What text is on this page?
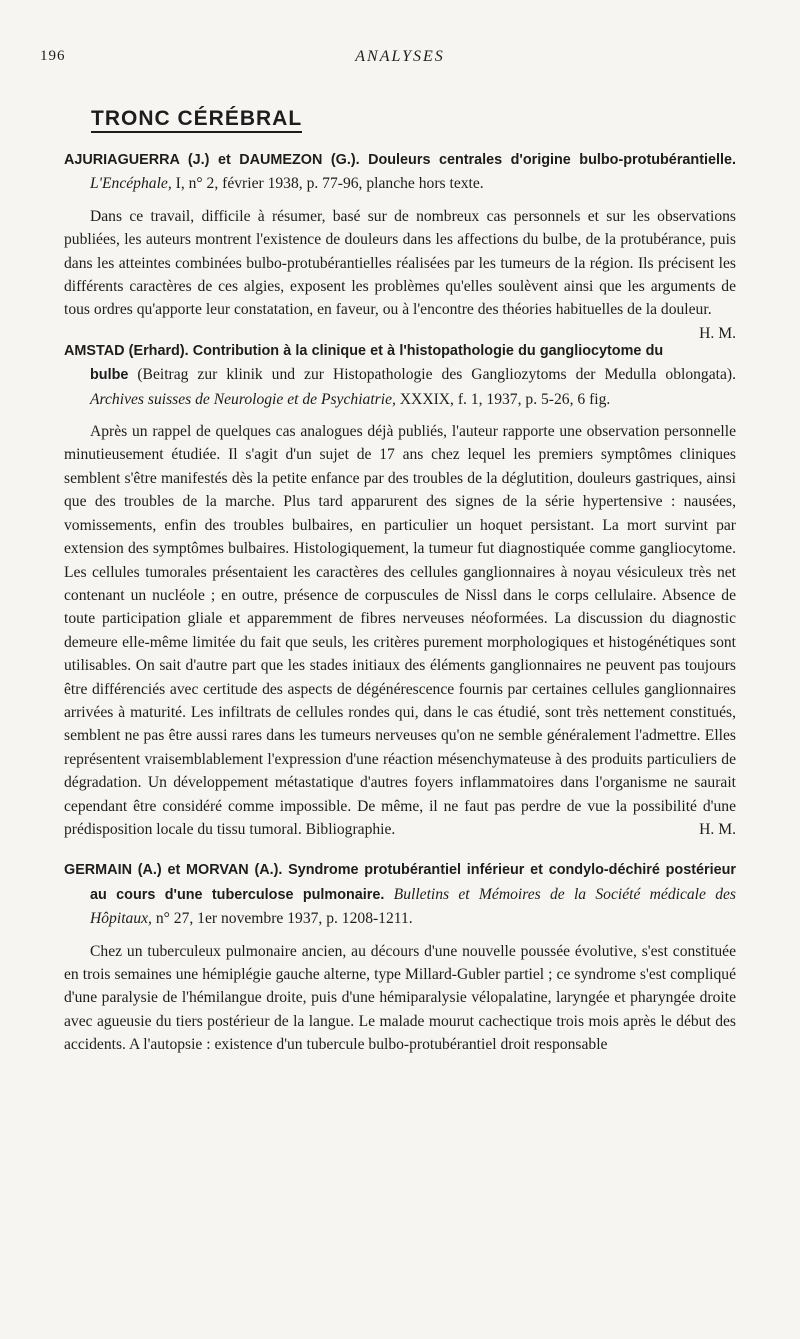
196	ANALYSES
TRONC CÉRÉBRAL

AJURIAGUERRA (J.) et DAUMEZON (G.). Douleurs centrales d'origine bulbo-protubérantielle. L'Encéphale, I, n° 2, février 1938, p. 77-96, planche hors texte.

Dans ce travail, difficile à résumer, basé sur de nombreux cas personnels et sur les observations publiées, les auteurs montrent l'existence de douleurs dans les affections du bulbe, de la protubérance, puis dans les atteintes combinées bulbo-protubérantielles réalisées par les tumeurs de la région. Ils précisent les différents caractères de ces algies, exposent les problèmes qu'elles soulèvent ainsi que les arguments de tous ordres qu'apporte leur constatation, en faveur, ou à l'encontre des théories habituelles de la douleur.
H. M.

AMSTAD (Erhard). Contribution à la clinique et à l'histopathologie du gangliocytome du bulbe (Beitrag zur klinik und zur Histopathologie des Gangliozytoms der Medulla oblongata). Archives suisses de Neurologie et de Psychiatrie, XXXIX, f. 1, 1937, p. 5-26, 6 fig.

Après un rappel de quelques cas analogues déjà publiés, l'auteur rapporte une observation personnelle minutieusement étudiée. Il s'agit d'un sujet de 17 ans chez lequel les premiers symptômes cliniques semblent s'être manifestés dès la petite enfance par des troubles de la déglutition, douleurs gastriques, ainsi que des troubles de la marche. Plus tard apparurent des signes de la série hypertensive : nausées, vomissements, enfin des troubles bulbaires, en particulier un hoquet persistant. La mort survint par extension des symptômes bulbaires. Histologiquement, la tumeur fut diagnostiquée comme gangliocytome. Les cellules tumorales présentaient les caractères des cellules ganglionnaires à noyau vésiculeux très net contenant un nucléole ; en outre, présence de corpuscules de Nissl dans le corps cellulaire. Absence de toute participation gliale et apparemment de fibres nerveuses néoformées. La discussion du diagnostic demeure elle-même limitée du fait que seuls, les critères purement morphologiques et histogénétiques sont utilisables. On sait d'autre part que les stades initiaux des éléments ganglionnaires ne peuvent pas toujours être différenciés avec certitude des aspects de dégénérescence fournis par certaines cellules ganglionnaires arrivées à maturité. Les infiltrats de cellules rondes qui, dans le cas étudié, sont très nettement constitués, semblent ne pas être aussi rares dans les tumeurs nerveuses qu'on ne semble généralement l'admettre. Elles représentent vraisemblablement l'expression d'une réaction mésenchymateuse à des produits particuliers de dégradation. Un développement métastatique d'autres foyers inflammatoires dans l'organisme ne saurait cependant être considéré comme impossible. De même, il ne faut pas perdre de vue la possibilité d'une prédisposition locale du tissu tumoral. Bibliographie.	H. M.

GERMAIN (A.) et MORVAN (A.). Syndrome protubérantiel inférieur et condylo-déchiré postérieur au cours d'une tuberculose pulmonaire. Bulletins et Mémoires de la Société médicale des Hôpitaux, n° 27, 1er novembre 1937, p. 1208-1211.

Chez un tuberculeux pulmonaire ancien, au décours d'une nouvelle poussée évolutive, s'est constituée en trois semaines une hémiplégie gauche alterne, type Millard-Gubler partiel ; ce syndrome s'est compliqué d'une paralysie de l'hémilangue droite, puis d'une hémiparalysie vélopalatine, laryngée et pharyngée droite avec agueusie du tiers postérieur de la langue. Le malade mourut cachectique trois mois après le début des accidents. A l'autopsie : existence d'un tubercule bulbo-protubérantiel droit responsable
